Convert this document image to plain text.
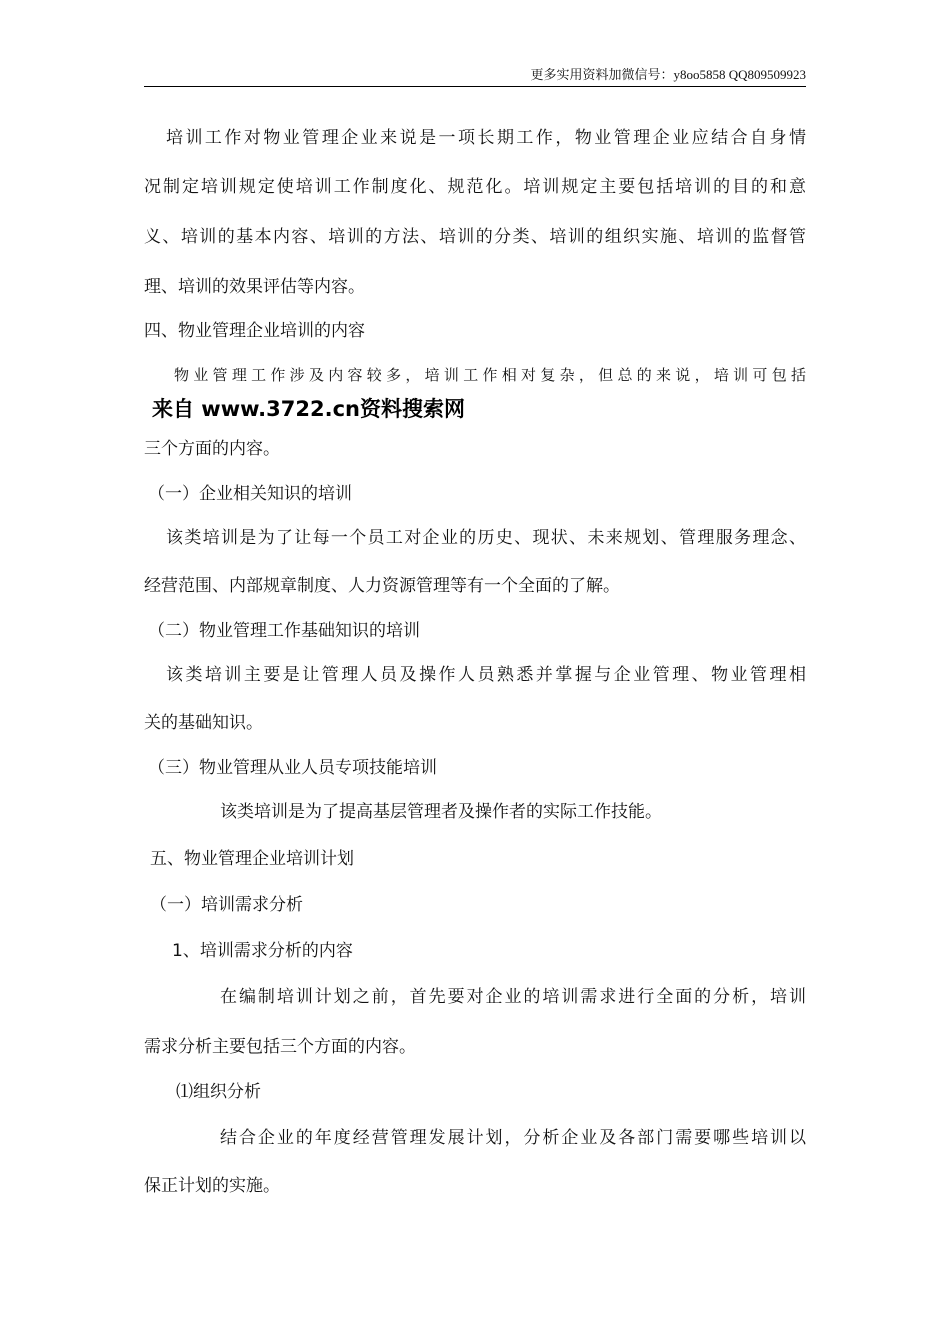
更多实用资料加微信号：y8oo5858 QQ809509923
培训工作对物业管理企业来说是一项长期工作，物业管理企业应结合自身情
况制定培训规定使培训工作制度化、规范化。培训规定主要包括培训的目的和意
义、培训的基本内容、培训的方法、培训的分类、培训的组织实施、培训的监督管
理、培训的效果评估等内容。
四、物业管理企业培训的内容
物业管理工作涉及内容较多，培训工作相对复杂，但总的来说，培训可包括
来自 www.3722.cn资料搜索网
三个方面的内容。
（一）企业相关知识的培训
该类培训是为了让每一个员工对企业的历史、现状、未来规划、管理服务理念、
经营范围、内部规章制度、人力资源管理等有一个全面的了解。
（二）物业管理工作基础知识的培训
该类培训主要是让管理人员及操作人员熟悉并掌握与企业管理、物业管理相
关的基础知识。
（三）物业管理从业人员专项技能培训
该类培训是为了提高基层管理者及操作者的实际工作技能。
五、物业管理企业培训计划
（一）培训需求分析
1、培训需求分析的内容
在编制培训计划之前，首先要对企业的培训需求进行全面的分析，培训
需求分析主要包括三个方面的内容。
⑴组织分析
结合企业的年度经营管理发展计划，分析企业及各部门需要哪些培训以
保正计划的实施。
